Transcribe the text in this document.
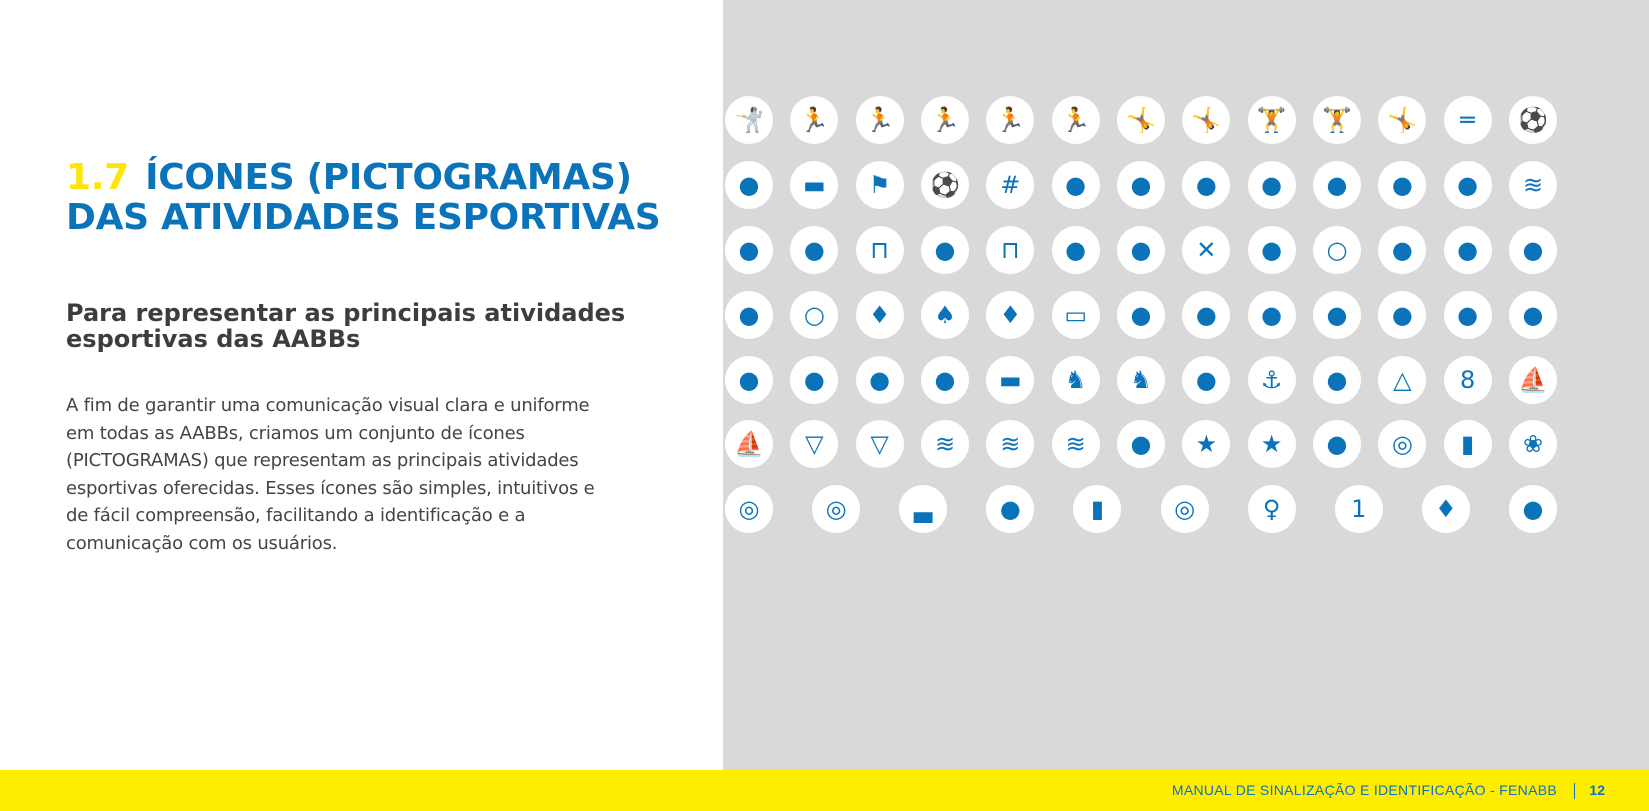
1.7 ÍCONES (PICTOGRAMAS) DAS ATIVIDADES ESPORTIVAS
Para representar as principais atividades esportivas das AABBs

A fim de garantir uma comunicação visual clara e uniforme em todas as AABBs, criamos um conjunto de ícones (PICTOGRAMAS) que representam as principais atividades esportivas oferecidas. Esses ícones são simples, intuitivos e de fácil compreensão, facilitando a identificação e a comunicação com os usuários.

🤺	🏃	🏃	🏃	🏃	🏃	🤸	🤸	🏋	🏋	🤸	═	⚽
●	▬	⚑	⚽	#	●	●	●	●	●	●	●	≋
●	●	⊓	●	⊓	●	●	✕	●	○	●	●	●
●	○	♦	♠	♦	▭	●	●	●	●	●	●	●
●	●	●	●	▬	♞	♞	●	⚓	●	△	8	⛵
⛵	▽	▽	≋	≋	≋	●	★	★	●	◎	▮	❀
◎	◎	▃	●	▮	◎	♀	1	♦	●
MANUAL DE SINALIZAÇÃO E IDENTIFICAÇÃO - FENABB 12
